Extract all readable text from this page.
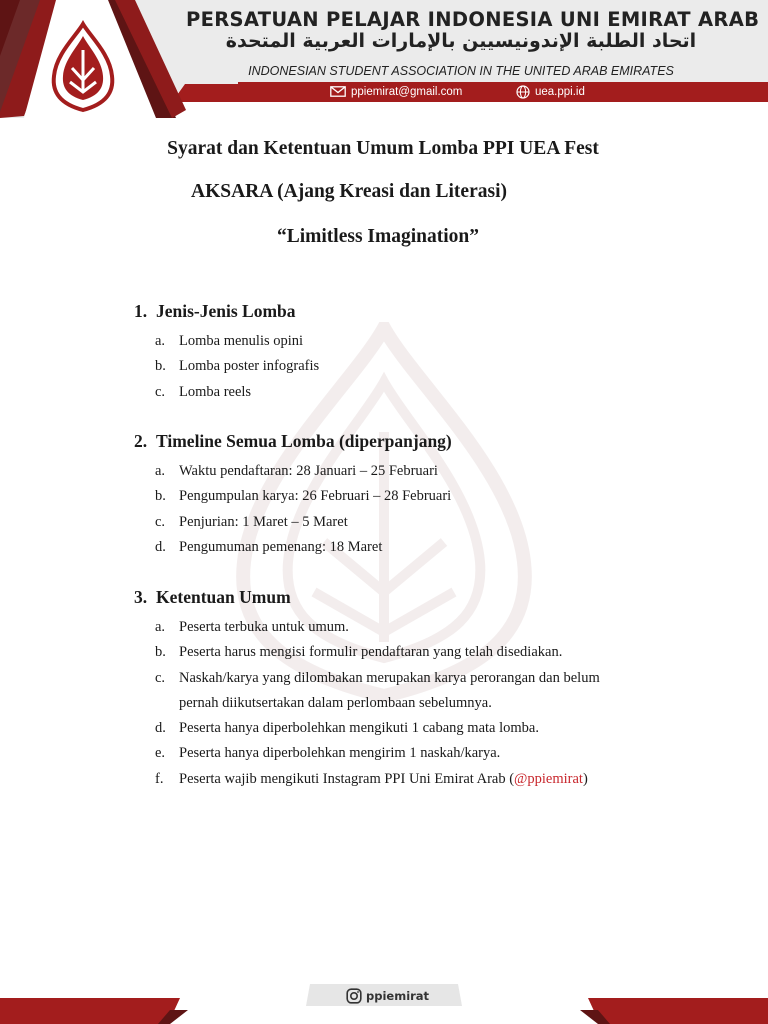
PERSATUAN PELAJAR INDONESIA UNI EMIRAT ARAB
اتحاد الطلبة الإندونيسيين بالإمارات العربية المتحدة
INDONESIAN STUDENT ASSOCIATION IN THE UNITED ARAB EMIRATES
ppiemirat@gmail.com	uea.ppi.id
Syarat dan Ketentuan Umum Lomba PPI UEA Fest
AKSARA (Ajang Kreasi dan Literasi)
“Limitless Imagination”
1. Jenis-Jenis Lomba
a. Lomba menulis opini
b. Lomba poster infografis
c. Lomba reels
2. Timeline Semua Lomba (diperpanjang)
a. Waktu pendaftaran: 28 Januari – 25 Februari
b. Pengumpulan karya: 26 Februari – 28 Februari
c. Penjurian: 1 Maret – 5 Maret
d. Pengumuman pemenang: 18 Maret
3. Ketentuan Umum
a. Peserta terbuka untuk umum.
b. Peserta harus mengisi formulir pendaftaran yang telah disediakan.
c. Naskah/karya yang dilombakan merupakan karya perorangan dan belum
pernah diikutsertakan dalam perlombaan sebelumnya.
d. Peserta hanya diperbolehkan mengikuti 1 cabang mata lomba.
e. Peserta hanya diperbolehkan mengirim 1 naskah/karya.
f. Peserta wajib mengikuti Instagram PPI Uni Emirat Arab (@ppiemirat)
ppiemirat
